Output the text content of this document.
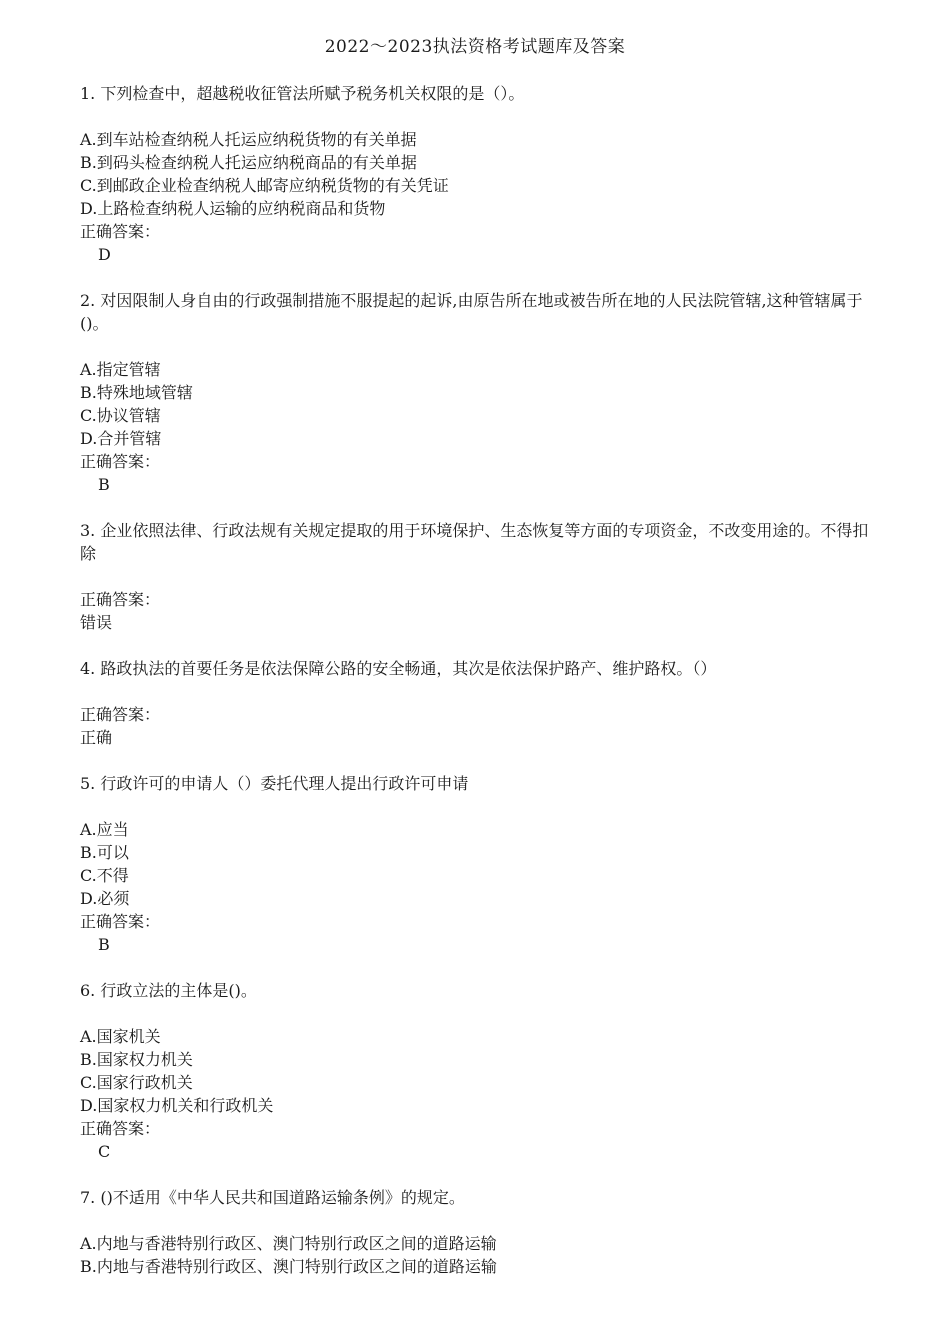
2022～2023执法资格考试题库及答案

1. 下列检查中，超越税收征管法所赋予税务机关权限的是（）。

A.到车站检查纳税人托运应纳税货物的有关单据

B.到码头检查纳税人托运应纳税商品的有关单据

C.到邮政企业检查纳税人邮寄应纳税货物的有关凭证

D.上路检查纳税人运输的应纳税商品和货物

正确答案：

D

2. 对因限制人身自由的行政强制措施不服提起的起诉,由原告所在地或被告所在地的人民法院管辖,这种管辖属于()。

A.指定管辖

B.特殊地域管辖

C.协议管辖

D.合并管辖

正确答案：

B

3. 企业依照法律、行政法规有关规定提取的用于环境保护、生态恢复等方面的专项资金，不改变用途的。不得扣除

正确答案：

错误

4. 路政执法的首要任务是依法保障公路的安全畅通，其次是依法保护路产、维护路权。（）

正确答案：

正确

5. 行政许可的申请人（）委托代理人提出行政许可申请

A.应当

B.可以

C.不得

D.必须

正确答案：

B

6. 行政立法的主体是()。

A.国家机关

B.国家权力机关

C.国家行政机关

D.国家权力机关和行政机关

正确答案：

C

7. ()不适用《中华人民共和国道路运输条例》的规定。

A.内地与香港特别行政区、澳门特别行政区之间的道路运输

B.内地与香港特别行政区、澳门特别行政区之间的道路运输
